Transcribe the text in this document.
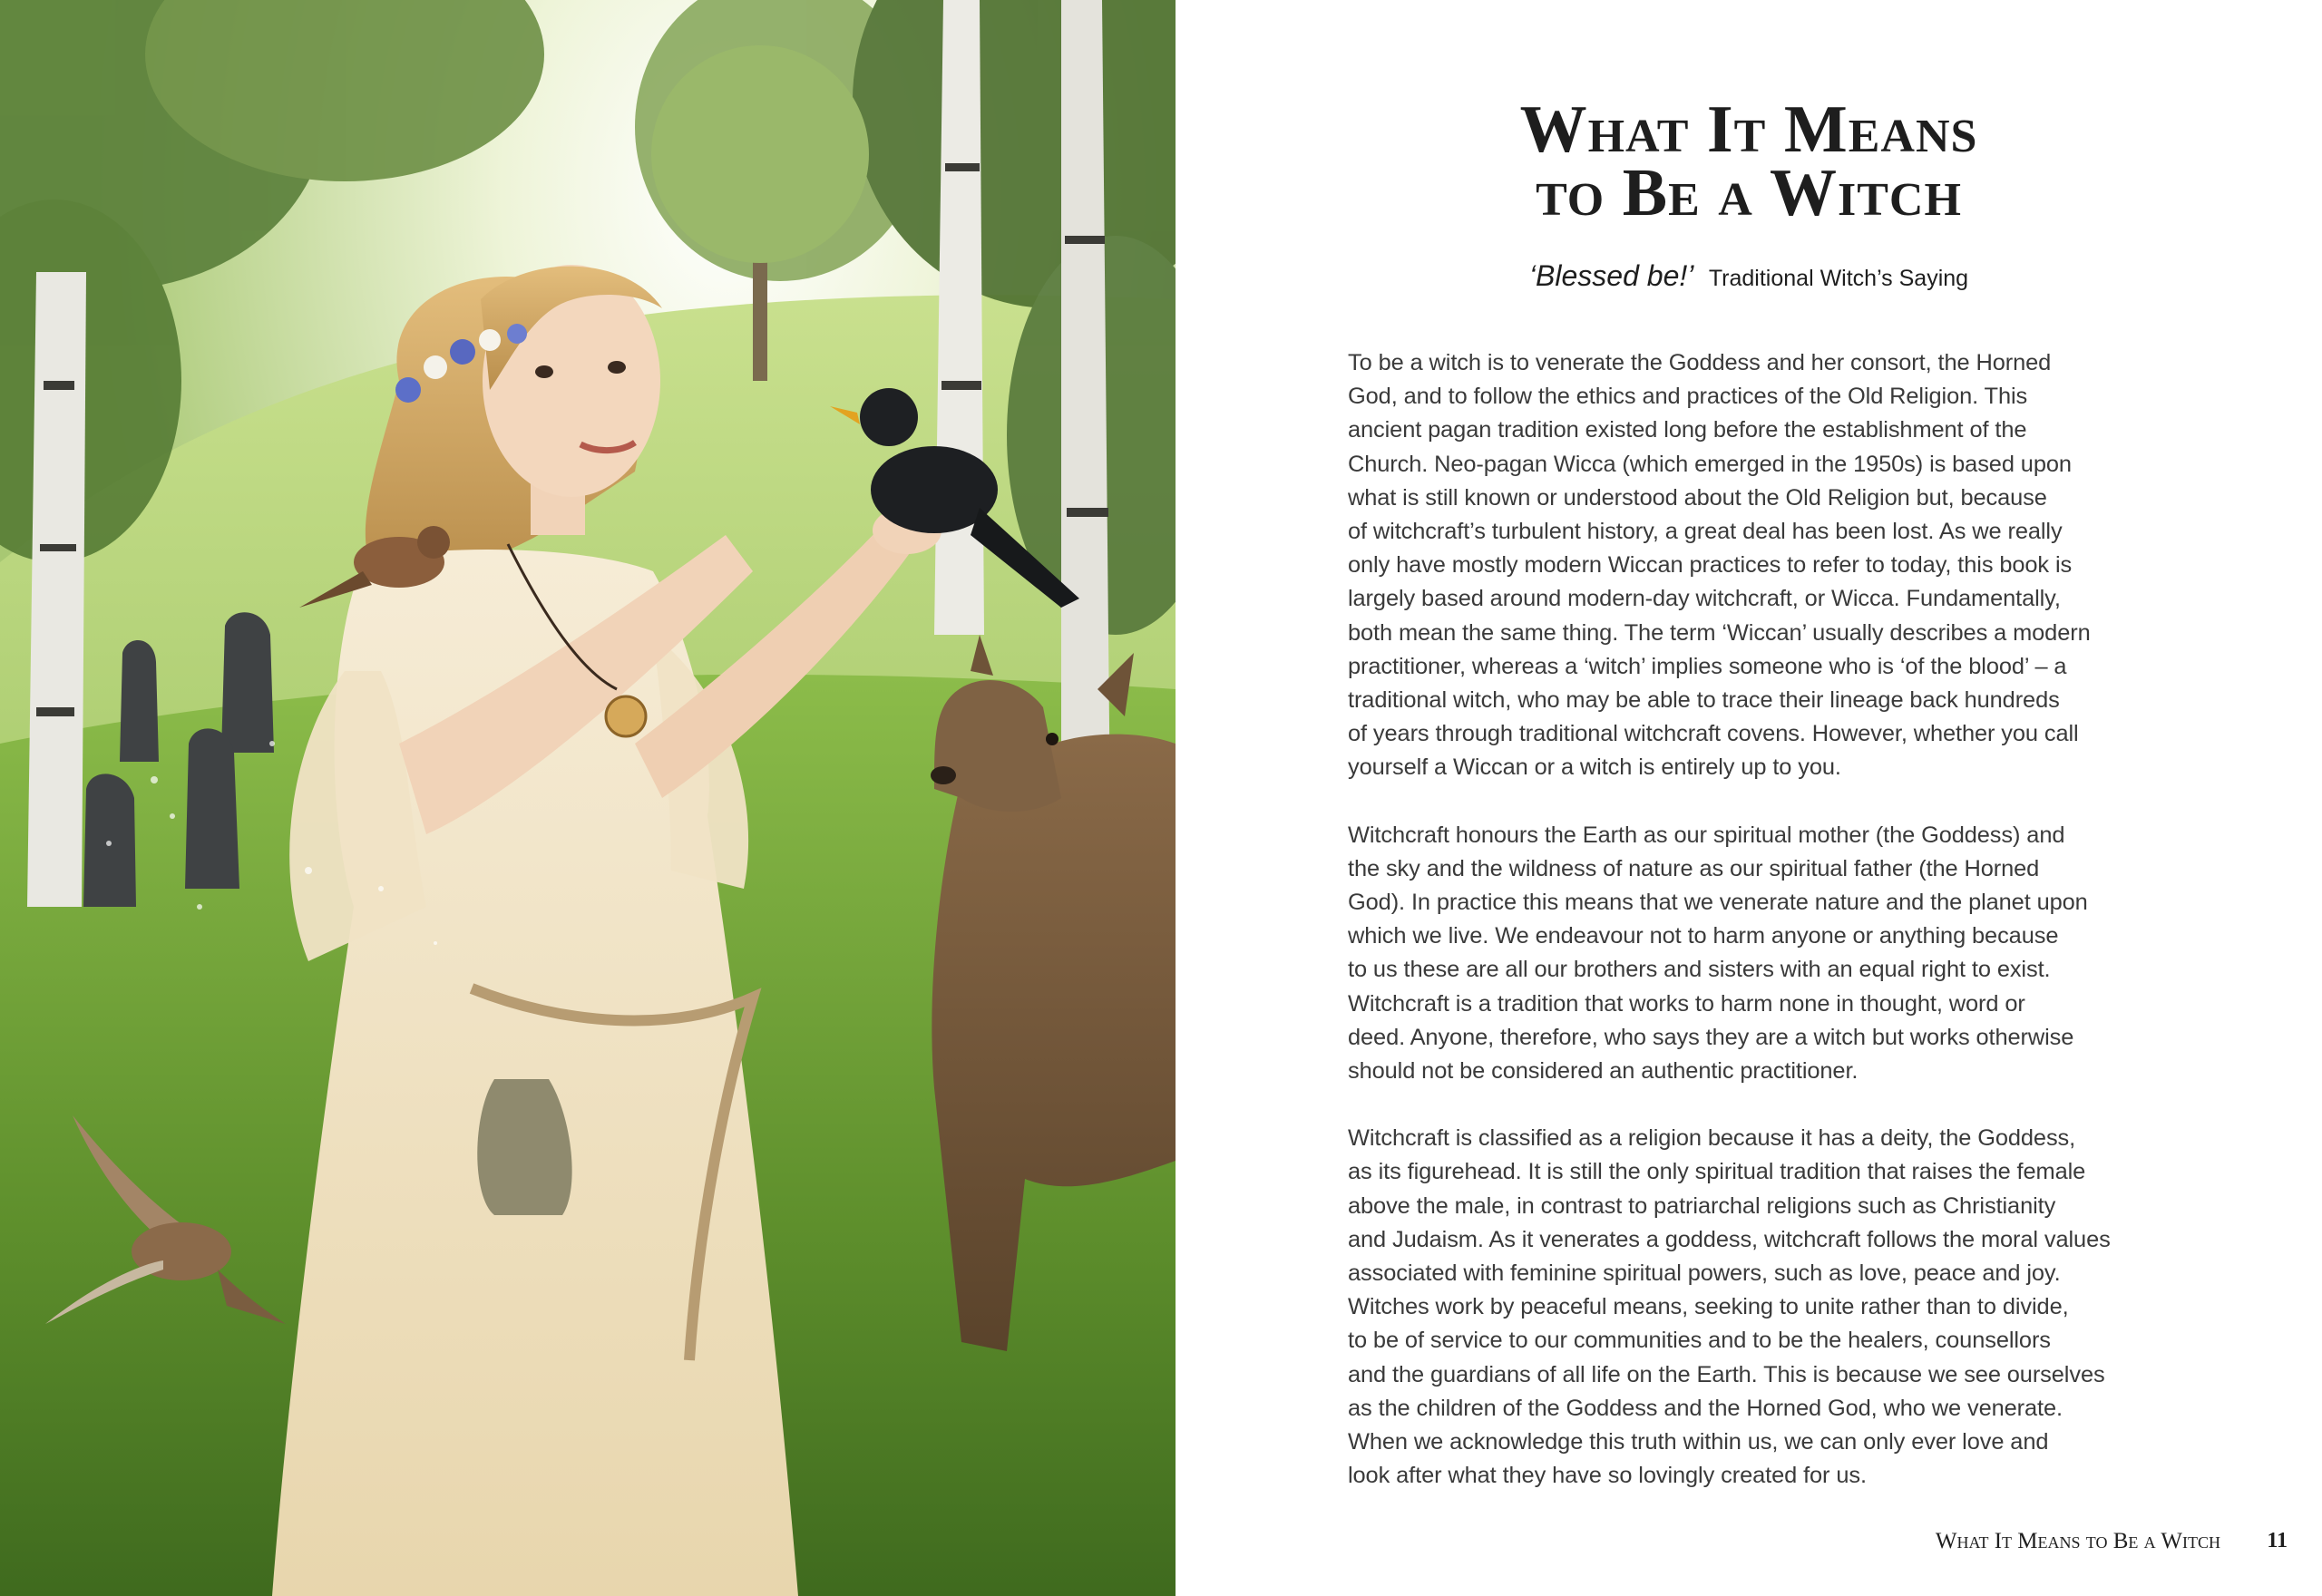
What It Means
to Be a Witch
‘Blessed be!’ Traditional Witch’s Saying

To be a witch is to venerate the Goddess and her consort, the Horned
God, and to follow the ethics and practices of the Old Religion. This
ancient pagan tradition existed long before the establishment of the
Church. Neo-pagan Wicca (which emerged in the 1950s) is based upon
what is still known or understood about the Old Religion but, because
of witchcraft’s turbulent history, a great deal has been lost. As we really
only have mostly modern Wiccan practices to refer to today, this book is
largely based around modern-day witchcraft, or Wicca. Fundamentally,
both mean the same thing. The term ‘Wiccan’ usually describes a modern
practitioner, whereas a ‘witch’ implies someone who is ‘of the blood’ – a
traditional witch, who may be able to trace their lineage back hundreds
of years through traditional witchcraft covens. However, whether you call
yourself a Wiccan or a witch is entirely up to you.

Witchcraft honours the Earth as our spiritual mother (the Goddess) and
the sky and the wildness of nature as our spiritual father (the Horned
God). In practice this means that we venerate nature and the planet upon
which we live. We endeavour not to harm anyone or anything because
to us these are all our brothers and sisters with an equal right to exist.
Witchcraft is a tradition that works to harm none in thought, word or
deed. Anyone, therefore, who says they are a witch but works otherwise
should not be considered an authentic practitioner.

Witchcraft is classified as a religion because it has a deity, the Goddess,
as its figurehead. It is still the only spiritual tradition that raises the female
above the male, in contrast to patriarchal religions such as Christianity
and Judaism. As it venerates a goddess, witchcraft follows the moral values
associated with feminine spiritual powers, such as love, peace and joy.
Witches work by peaceful means, seeking to unite rather than to divide,
to be of service to our communities and to be the healers, counsellors
and the guardians of all life on the Earth. This is because we see ourselves
as the children of the Goddess and the Horned God, who we venerate.
When we acknowledge this truth within us, we can only ever love and
look after what they have so lovingly created for us.

What It Means to Be a Witch 11
